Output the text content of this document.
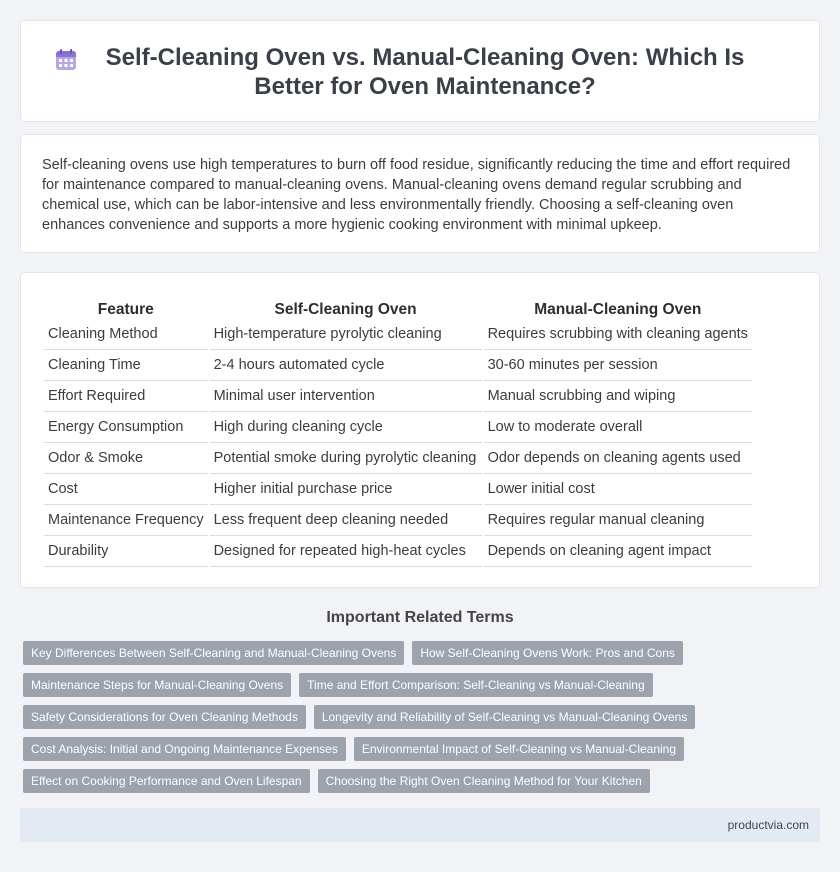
Self-Cleaning Oven vs. Manual-Cleaning Oven: Which Is Better for Oven Maintenance?

Self-cleaning ovens use high temperatures to burn off food residue, significantly reducing the time and effort required for maintenance compared to manual-cleaning ovens. Manual-cleaning ovens demand regular scrubbing and chemical use, which can be labor-intensive and less environmentally friendly. Choosing a self-cleaning oven enhances convenience and supports a more hygienic cooking environment with minimal upkeep.

Feature	Self-Cleaning Oven	Manual-Cleaning Oven
Cleaning Method	High-temperature pyrolytic cleaning	Requires scrubbing with cleaning agents
Cleaning Time	2-4 hours automated cycle	30-60 minutes per session
Effort Required	Minimal user intervention	Manual scrubbing and wiping
Energy Consumption	High during cleaning cycle	Low to moderate overall
Odor & Smoke	Potential smoke during pyrolytic cleaning	Odor depends on cleaning agents used
Cost	Higher initial purchase price	Lower initial cost
Maintenance Frequency	Less frequent deep cleaning needed	Requires regular manual cleaning
Durability	Designed for repeated high-heat cycles	Depends on cleaning agent impact
Important Related Terms
Key Differences Between Self-Cleaning and Manual-Cleaning Ovens	How Self-Cleaning Ovens Work: Pros and Cons
Maintenance Steps for Manual-Cleaning Ovens	Time and Effort Comparison: Self-Cleaning vs Manual-Cleaning
Safety Considerations for Oven Cleaning Methods	Longevity and Reliability of Self-Cleaning vs Manual-Cleaning Ovens
Cost Analysis: Initial and Ongoing Maintenance Expenses	Environmental Impact of Self-Cleaning vs Manual-Cleaning
Effect on Cooking Performance and Oven Lifespan	Choosing the Right Oven Cleaning Method for Your Kitchen
productvia.com
